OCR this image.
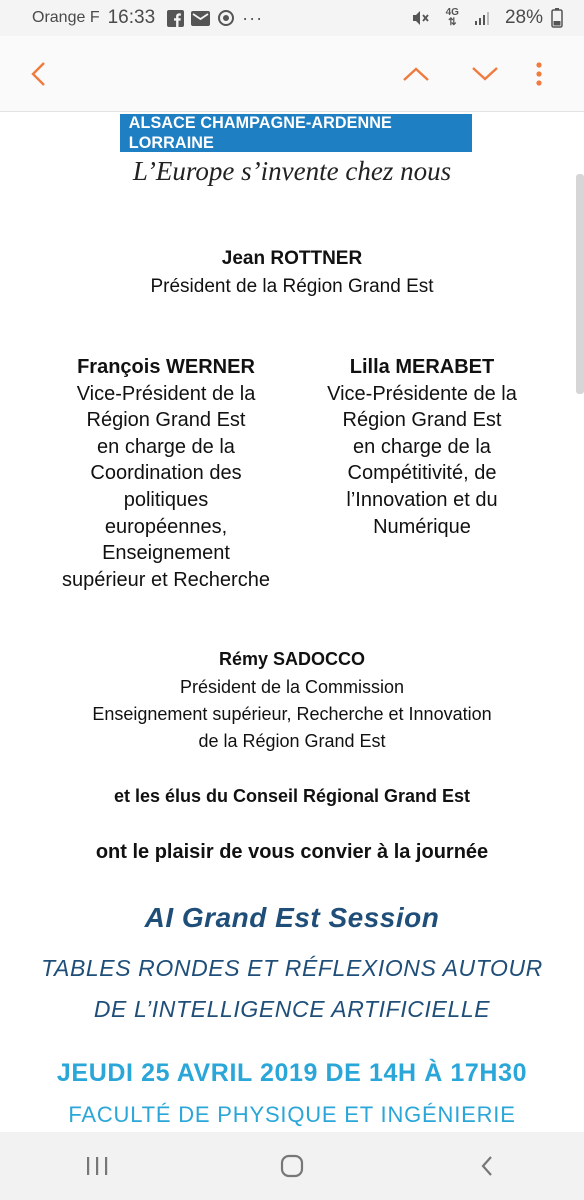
Orange F 16:33	···	4G
⇅	28%
ALSACE CHAMPAGNE-ARDENNE LORRAINE
L’Europe s’invente chez nous
Jean ROTTNER
Président de la Région Grand Est
François WERNER
Vice-Président de la
Région Grand Est
en charge de la
Coordination des
politiques
européennes,
Enseignement
supérieur et Recherche
Lilla MERABET
Vice-Présidente de la
Région Grand Est
en charge de la
Compétitivité, de
l’Innovation et du
Numérique
Rémy SADOCCO
Président de la Commission
Enseignement supérieur, Recherche et Innovation
de la Région Grand Est
et les élus du Conseil Régional Grand Est
ont le plaisir de vous convier à la journée
AI Grand Est Session
TABLES RONDES ET RÉFLEXIONS AUTOUR
DE L’INTELLIGENCE ARTIFICIELLE
JEUDI 25 AVRIL 2019 DE 14H À 17H30
FACULTÉ DE PHYSIQUE ET INGÉNIERIE
